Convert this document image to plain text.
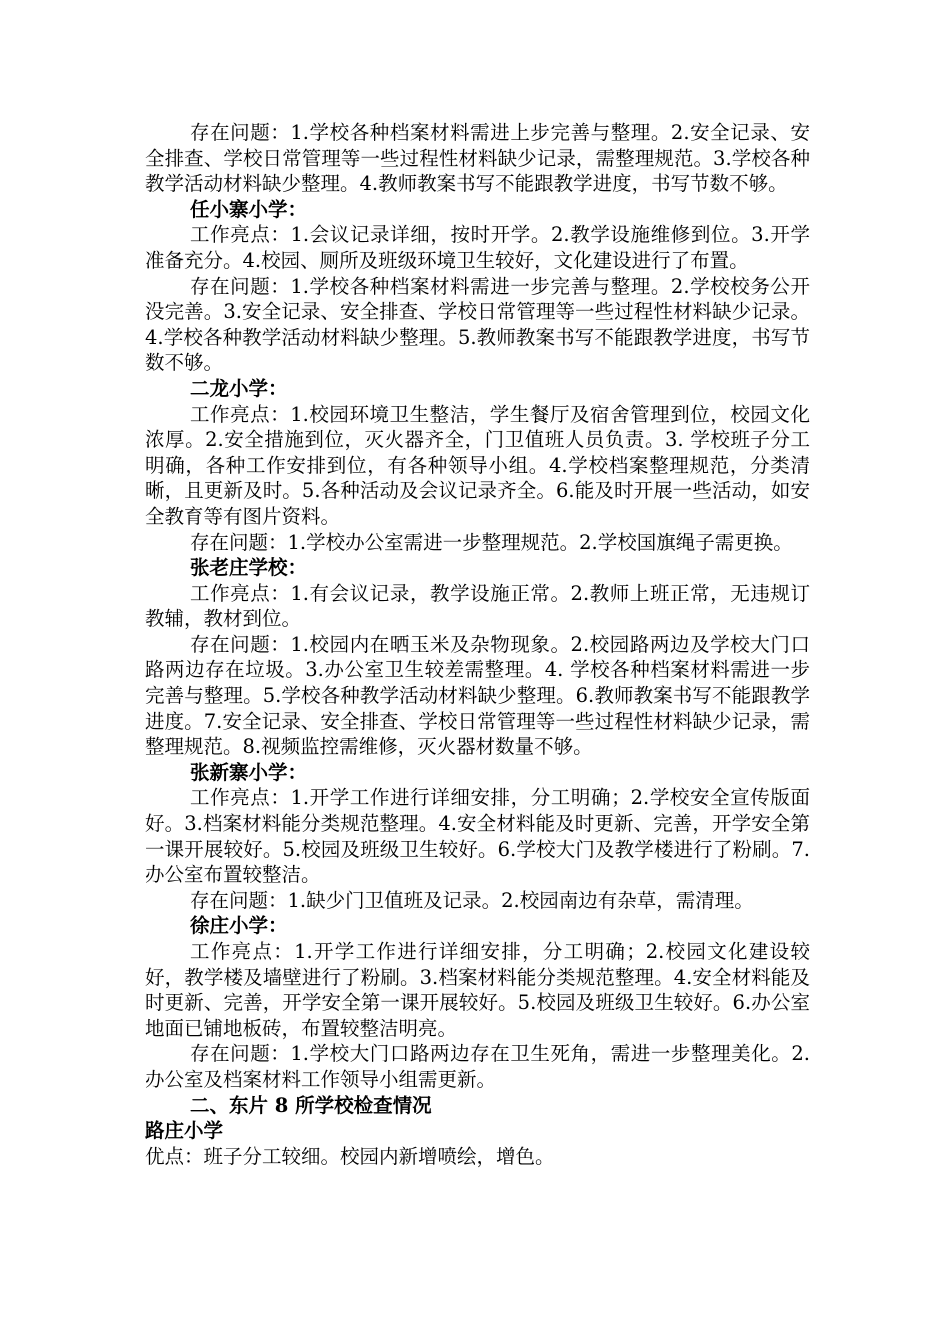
存在问题：1.学校各种档案材料需进上步完善与整理。2.安全记录、安全排查、学校日常管理等一些过程性材料缺少记录，需整理规范。3.学校各种教学活动材料缺少整理。4.教师教案书写不能跟教学进度，书写节数不够。

任小寨小学：

工作亮点：1.会议记录详细，按时开学。2.教学设施维修到位。3.开学准备充分。4.校园、厕所及班级环境卫生较好，文化建设进行了布置。

存在问题：1.学校各种档案材料需进一步完善与整理。2.学校校务公开没完善。3.安全记录、安全排查、学校日常管理等一些过程性材料缺少记录。4.学校各种教学活动材料缺少整理。5.教师教案书写不能跟教学进度，书写节数不够。

二龙小学：

工作亮点：1.校园环境卫生整洁，学生餐厅及宿舍管理到位，校园文化浓厚。2.安全措施到位，灭火器齐全，门卫值班人员负责。3. 学校班子分工明确，各种工作安排到位，有各种领导小组。4.学校档案整理规范，分类清晰，且更新及时。5.各种活动及会议记录齐全。6.能及时开展一些活动，如安全教育等有图片资料。

存在问题：1.学校办公室需进一步整理规范。2.学校国旗绳子需更换。

张老庄学校：

工作亮点：1.有会议记录，教学设施正常。2.教师上班正常，无违规订教辅，教材到位。

存在问题：1.校园内在晒玉米及杂物现象。2.校园路两边及学校大门口路两边存在垃圾。3.办公室卫生较差需整理。4. 学校各种档案材料需进一步完善与整理。5.学校各种教学活动材料缺少整理。6.教师教案书写不能跟教学进度。7.安全记录、安全排查、学校日常管理等一些过程性材料缺少记录，需整理规范。8.视频监控需维修，灭火器材数量不够。

张新寨小学：

工作亮点：1.开学工作进行详细安排，分工明确；2.学校安全宣传版面好。3.档案材料能分类规范整理。4.安全材料能及时更新、完善，开学安全第一课开展较好。5.校园及班级卫生较好。6.学校大门及教学楼进行了粉刷。7.办公室布置较整洁。

存在问题：1.缺少门卫值班及记录。2.校园南边有杂草，需清理。

徐庄小学：

工作亮点：1.开学工作进行详细安排，分工明确；2.校园文化建设较好，教学楼及墙壁进行了粉刷。3.档案材料能分类规范整理。4.安全材料能及时更新、完善，开学安全第一课开展较好。5.校园及班级卫生较好。6.办公室地面已铺地板砖，布置较整洁明亮。

存在问题：1.学校大门口路两边存在卫生死角，需进一步整理美化。2.办公室及档案材料工作领导小组需更新。

二、东片 8 所学校检查情况

路庄小学

优点：班子分工较细。校园内新增喷绘，增色。
